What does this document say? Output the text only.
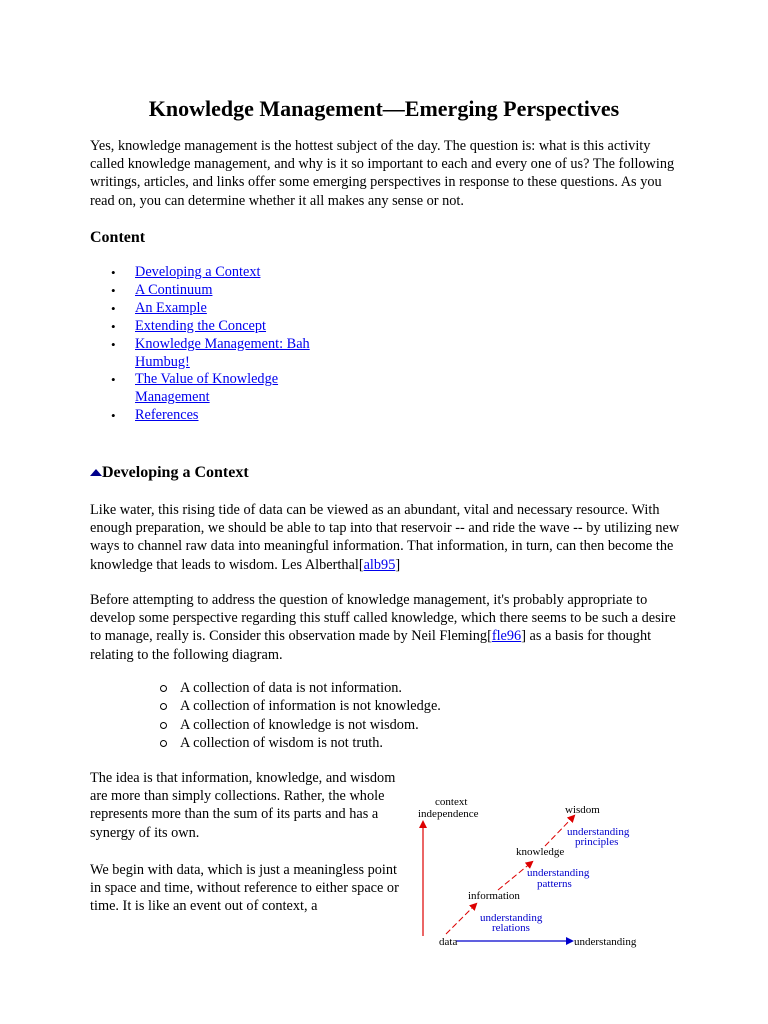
Knowledge Management—Emerging Perspectives

Yes, knowledge management is the hottest subject of the day. The question is: what is this activity called knowledge management, and why is it so important to each and every one of us? The following writings, articles, and links offer some emerging perspectives in response to these questions. As you read on, you can determine whether it all makes any sense or not.

Content
• Developing a Context
• A Continuum
• An Example
• Extending the Concept
• Knowledge Management: Bah Humbug!
• The Value of Knowledge Management
• References
Developing a Context

Like water, this rising tide of data can be viewed as an abundant, vital and necessary resource. With enough preparation, we should be able to tap into that reservoir -- and ride the wave -- by utilizing new ways to channel raw data into meaningful information. That information, in turn, can then become the knowledge that leads to wisdom. Les Alberthal[alb95]

Before attempting to address the question of knowledge management, it's probably appropriate to develop some perspective regarding this stuff called knowledge, which there seems to be such a desire to manage, really is. Consider this observation made by Neil Fleming[fle96] as a basis for thought relating to the following diagram.

A collection of data is not information.
A collection of information is not knowledge.
A collection of knowledge is not wisdom.
A collection of wisdom is not truth.

The idea is that information, knowledge, and wisdom are more than simply collections. Rather, the whole represents more than the sum of its parts and has a synergy of its own.

We begin with data, which is just a meaningless point in space and time, without reference to either space or time. It is like an event out of context, a

context
independence
understanding
data
information
knowledge
wisdom
understanding
relations
understanding
patterns
understanding
principles
